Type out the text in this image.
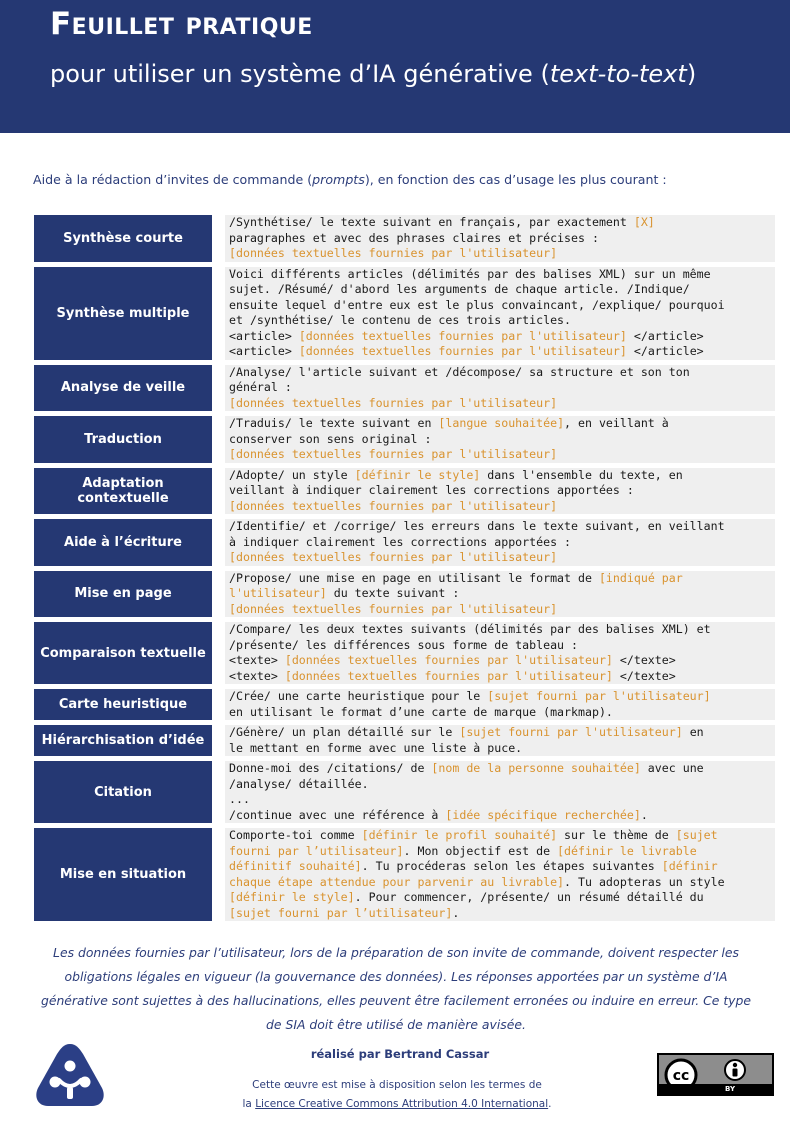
Feuillet pratique
pour utiliser un système d’IA générative (text-to-text)
Aide à la rédaction d’invites de commande (prompts), en fonction des cas d’usage les plus courant :
Synthèse courte
/Synthétise/ le texte suivant en français, par exactement [X]
paragraphes et avec des phrases claires et précises :
[données textuelles fournies par l'utilisateur]
Synthèse multiple
Voici différents articles (délimités par des balises XML) sur un même
sujet. /Résumé/ d'abord les arguments de chaque article. /Indique/
ensuite lequel d'entre eux est le plus convaincant, /explique/ pourquoi
et /synthétise/ le contenu de ces trois articles.
<article> [données textuelles fournies par l'utilisateur] </article>
<article> [données textuelles fournies par l'utilisateur] </article>
Analyse de veille
/Analyse/ l'article suivant et /décompose/ sa structure et son ton
général :
[données textuelles fournies par l'utilisateur]
Traduction
/Traduis/ le texte suivant en [langue souhaitée], en veillant à
conserver son sens original :
[données textuelles fournies par l'utilisateur]
Adaptation contextuelle
/Adopte/ un style [définir le style] dans l'ensemble du texte, en
veillant à indiquer clairement les corrections apportées :
[données textuelles fournies par l'utilisateur]
Aide à l’écriture
/Identifie/ et /corrige/ les erreurs dans le texte suivant, en veillant
à indiquer clairement les corrections apportées :
[données textuelles fournies par l'utilisateur]
Mise en page
/Propose/ une mise en page en utilisant le format de [indiqué par
l'utilisateur] du texte suivant :
[données textuelles fournies par l'utilisateur]
Comparaison textuelle
/Compare/ les deux textes suivants (délimités par des balises XML) et
/présente/ les différences sous forme de tableau :
<texte> [données textuelles fournies par l'utilisateur] </texte>
<texte> [données textuelles fournies par l'utilisateur] </texte>
Carte heuristique
/Crée/ une carte heuristique pour le [sujet fourni par l'utilisateur]
en utilisant le format d’une carte de marque (markmap).
Hiérarchisation d’idée
/Génère/ un plan détaillé sur le [sujet fourni par l'utilisateur] en
le mettant en forme avec une liste à puce.
Citation
Donne-moi des /citations/ de [nom de la personne souhaitée] avec une
/analyse/ détaillée.
...
/continue avec une référence à [idée spécifique recherchée].
Mise en situation
Comporte-toi comme [définir le profil souhaité] sur le thème de [sujet
fourni par l’utilisateur]. Mon objectif est de [définir le livrable
définitif souhaité]. Tu procéderas selon les étapes suivantes [définir
chaque étape attendue pour parvenir au livrable]. Tu adopteras un style
[définir le style]. Pour commencer, /présente/ un résumé détaillé du
[sujet fourni par l’utilisateur].
Les données fournies par l’utilisateur, lors de la préparation de son invite de commande, doivent respecter les obligations légales en vigueur (la gouvernance des données). Les réponses apportées par un système d’IA générative sont sujettes à des hallucinations, elles peuvent être facilement erronées ou induire en erreur. Ce type de SIA doit être utilisé de manière avisée.
réalisé par Bertrand Cassar
Cette œuvre est mise à disposition selon les termes de
la Licence Creative Commons Attribution 4.0 International.
cc
BY
